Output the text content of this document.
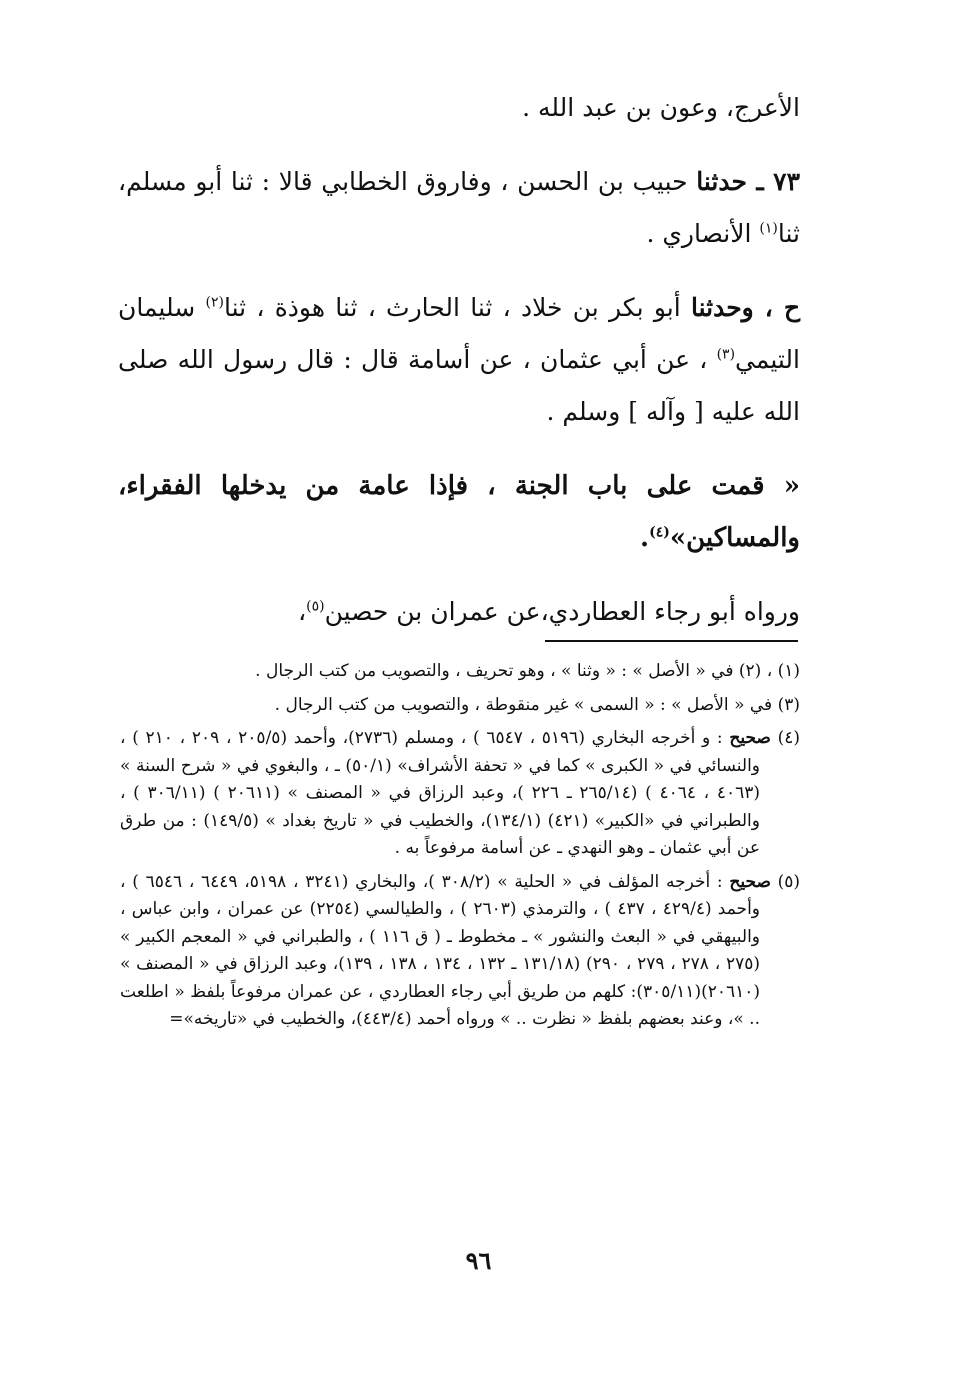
الأعرج، وعون بن عبد الله .

٧٣ ـ حدثنا حبيب بن الحسن ، وفاروق الخطابي قالا : ثنا أبو مسلم، ثنا$^{(١)}$ الأنصاري .

ح ، وحدثنا أبو بكر بن خلاد ، ثنا الحارث ، ثنا هوذة ، ثنا$^{(٢)}$ سليمان التيمي$^{(٣)}$ ، عن أبي عثمان ، عن أسامة قال : قال رسول الله صلى الله عليه [ وآله ] وسلم .

« قمت على باب الجنة ، فإذا عامة من يدخلها الفقراء، والمساكين»$^{(٤)}$.

ورواه أبو رجاء العطاردي،عن عمران بن حصين$^{(٥)}$،

(١) ، (٢) في « الأصل » : « وثنا » ، وهو تحريف ، والتصويب من كتب الرجال .

(٣) في « الأصل » : « السمى » غير منقوطة ، والتصويب من كتب الرجال .

(٤) صحيح : و أخرجه البخاري (٥١٩٦ ، ٦٥٤٧ ) ، ومسلم (٢٧٣٦)، وأحمد (٢٠٥/٥ ، ٢٠٩ ، ٢١٠ ) ، والنسائي في « الكبرى » كما في « تحفة الأشراف» (٥٠/١) ـ ، والبغوي في « شرح السنة » (٤٠٦٣ ، ٤٠٦٤ ) (٢٦٥/١٤ ـ ٢٢٦ )، وعبد الرزاق في « المصنف » (٢٠٦١١ ) (٣٠٦/١١ ) ، والطبراني في «الكبير» (٤٢١) (١٣٤/١)، والخطيب في « تاريخ بغداد » (١٤٩/٥) : من طرق عن أبي عثمان ـ وهو النهدي ـ عن أسامة مرفوعاً به .

(٥) صحيح : أخرجه المؤلف في « الحلية » (٣٠٨/٢ )، والبخاري (٣٢٤١ ، ٥١٩٨، ٦٤٤٩ ، ٦٥٤٦ ) ، وأحمد (٤٢٩/٤ ، ٤٣٧ ) ، والترمذي (٢٦٠٣ ) ، والطيالسي (٢٢٥٤) عن عمران ، وابن عباس ، والبيهقي في « البعث والنشور » ـ مخطوط ـ ( ق ١١٦ ) ، والطبراني في « المعجم الكبير » (٢٧٥ ، ٢٧٨ ، ٢٧٩ ، ٢٩٠) (١٣١/١٨ ـ ١٣٢ ، ١٣٤ ، ١٣٨ ، ١٣٩)، وعبد الرزاق في « المصنف » (٢٠٦١٠)(٣٠٥/١١): كلهم من طريق أبي رجاء العطاردي ، عن عمران مرفوعاً بلفظ « اطلعت .. »، وعند بعضهم بلفظ « نظرت .. » ورواه أحمد (٤٤٣/٤)، والخطيب في «تاريخه»=

٩٦
